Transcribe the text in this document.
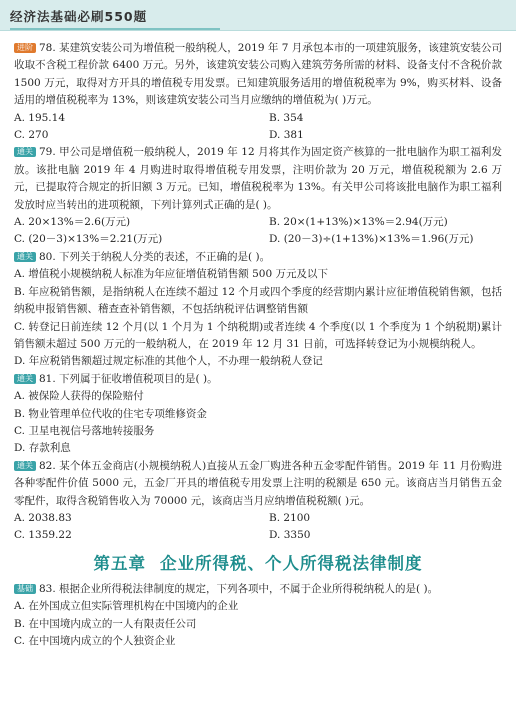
经济法基础必刷550题

进阶 78. 某建筑安装公司为增值税一般纳税人，2019 年 7 月承包本市的一项建筑服务，该建筑安装公司收取不含税工程价款 6400 万元。另外，该建筑安装公司购入建筑劳务所需的材料、设备支付不含税价款 1500 万元，取得对方开具的增值税专用发票。已知建筑服务适用的增值税税率为 9%，购买材料、设备适用的增值税税率为 13%，则该建筑安装公司当月应缴纳的增值税为( )万元。

A. 195.14	B. 354
C. 270	D. 381

通关 79. 甲公司是增值税一般纳税人，2019 年 12 月将其作为固定资产核算的一批电脑作为职工福利发放。该批电脑 2019 年 4 月购进时取得增值税专用发票，注明价款为 20 万元，增值税税额为 2.6 万元，已提取符合规定的折旧额 3 万元。已知，增值税税率为 13%。有关甲公司将该批电脑作为职工福利发放时应当转出的进项税额，下列计算列式正确的是( )。

A. 20×13%＝2.6(万元)	B. 20×(1+13%)×13%＝2.94(万元)
C. (20－3)×13%＝2.21(万元)	D. (20－3)÷(1+13%)×13%＝1.96(万元)

通关 80. 下列关于纳税人分类的表述，不正确的是( )。

A. 增值税小规模纳税人标准为年应征增值税销售额 500 万元及以下

B. 年应税销售额，是指纳税人在连续不超过 12 个月或四个季度的经营期内累计应征增值税销售额，包括纳税申报销售额、稽查查补销售额，不包括纳税评估调整销售额

C. 转登记日前连续 12 个月(以 1 个月为 1 个纳税期)或者连续 4 个季度(以 1 个季度为 1 个纳税期)累计销售额未超过 500 万元的一般纳税人，在 2019 年 12 月 31 日前，可选择转登记为小规模纳税人。

D. 年应税销售额超过规定标准的其他个人，不办理一般纳税人登记

通关 81. 下列属于征收增值税项目的是( )。

A. 被保险人获得的保险赔付

B. 物业管理单位代收的住宅专项维修资金

C. 卫星电视信号落地转接服务

D. 存款利息

通关 82. 某个体五金商店(小规模纳税人)直接从五金厂购进各种五金零配件销售。2019 年 11 月份购进各种零配件价值 5000 元，五金厂开具的增值税专用发票上注明的税额是 650 元。该商店当月销售五金零配件，取得含税销售收入为 70000 元，该商店当月应纳增值税税额( )元。

A. 2038.83	B. 2100
C. 1359.22	D. 3350
第五章 企业所得税、个人所得税法律制度

基础 83. 根据企业所得税法律制度的规定，下列各项中，不属于企业所得税纳税人的是( )。

A. 在外国成立但实际管理机构在中国境内的企业

B. 在中国境内成立的一人有限责任公司

C. 在中国境内成立的个人独资企业
